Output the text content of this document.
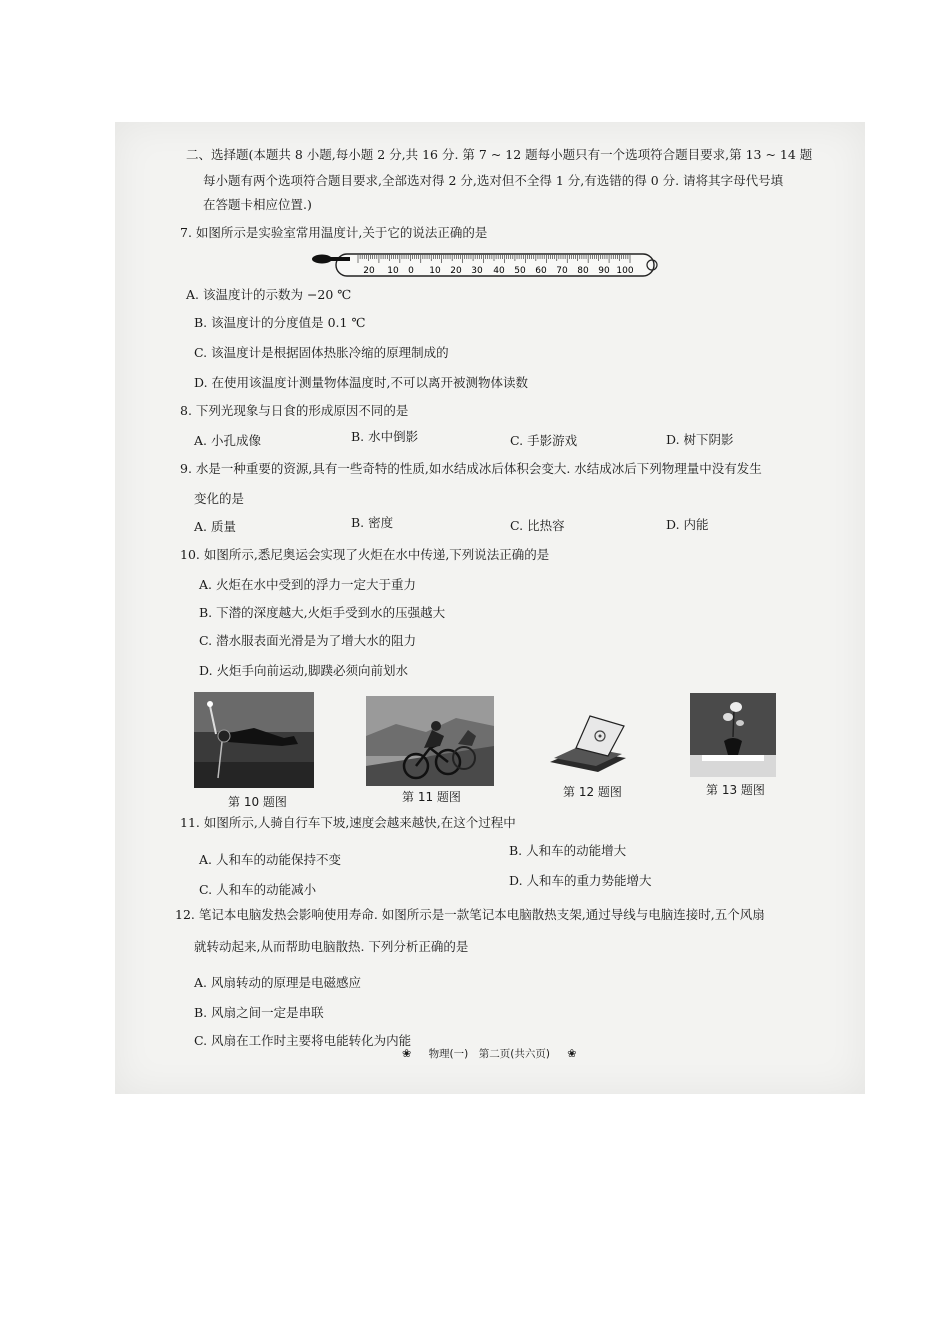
二、选择题(本题共 8 小题,每小题 2 分,共 16 分. 第 7 ~ 12 题每小题只有一个选项符合题目要求,第 13 ~ 14 题
每小题有两个选项符合题目要求,全部选对得 2 分,选对但不全得 1 分,有选错的得 0 分. 请将其字母代号填
在答题卡相应位置.)
7. 如图所示是实验室常用温度计,关于它的说法正确的是
20 10 0 10 20 30 40 50 60 70 80 90 100
A. 该温度计的示数为 −20 ℃
B. 该温度计的分度值是 0.1 ℃
C. 该温度计是根据固体热胀冷缩的原理制成的
D. 在使用该温度计测量物体温度时,不可以离开被测物体读数
8. 下列光现象与日食的形成原因不同的是
A. 小孔成像	B. 水中倒影	C. 手影游戏	D. 树下阴影
9. 水是一种重要的资源,具有一些奇特的性质,如水结成冰后体积会变大. 水结成冰后下列物理量中没有发生
变化的是
A. 质量	B. 密度	C. 比热容	D. 内能
10. 如图所示,悉尼奥运会实现了火炬在水中传递,下列说法正确的是
A. 火炬在水中受到的浮力一定大于重力
B. 下潜的深度越大,火炬手受到水的压强越大
C. 潜水服表面光滑是为了增大水的阻力
D. 火炬手向前运动,脚蹼必须向前划水
第 10 题图	第 11 题图	第 12 题图	第 13 题图
11. 如图所示,人骑自行车下坡,速度会越来越快,在这个过程中
A. 人和车的动能保持不变
B. 人和车的动能增大
C. 人和车的动能减小
D. 人和车的重力势能增大
12. 笔记本电脑发热会影响使用寿命. 如图所示是一款笔记本电脑散热支架,通过导线与电脑连接时,五个风扇
就转动起来,从而帮助电脑散热. 下列分析正确的是
A. 风扇转动的原理是电磁感应
B. 风扇之间一定是串联
C. 风扇在工作时主要将电能转化为内能
❀ 物理(一)　第二页(共六页) ❀
